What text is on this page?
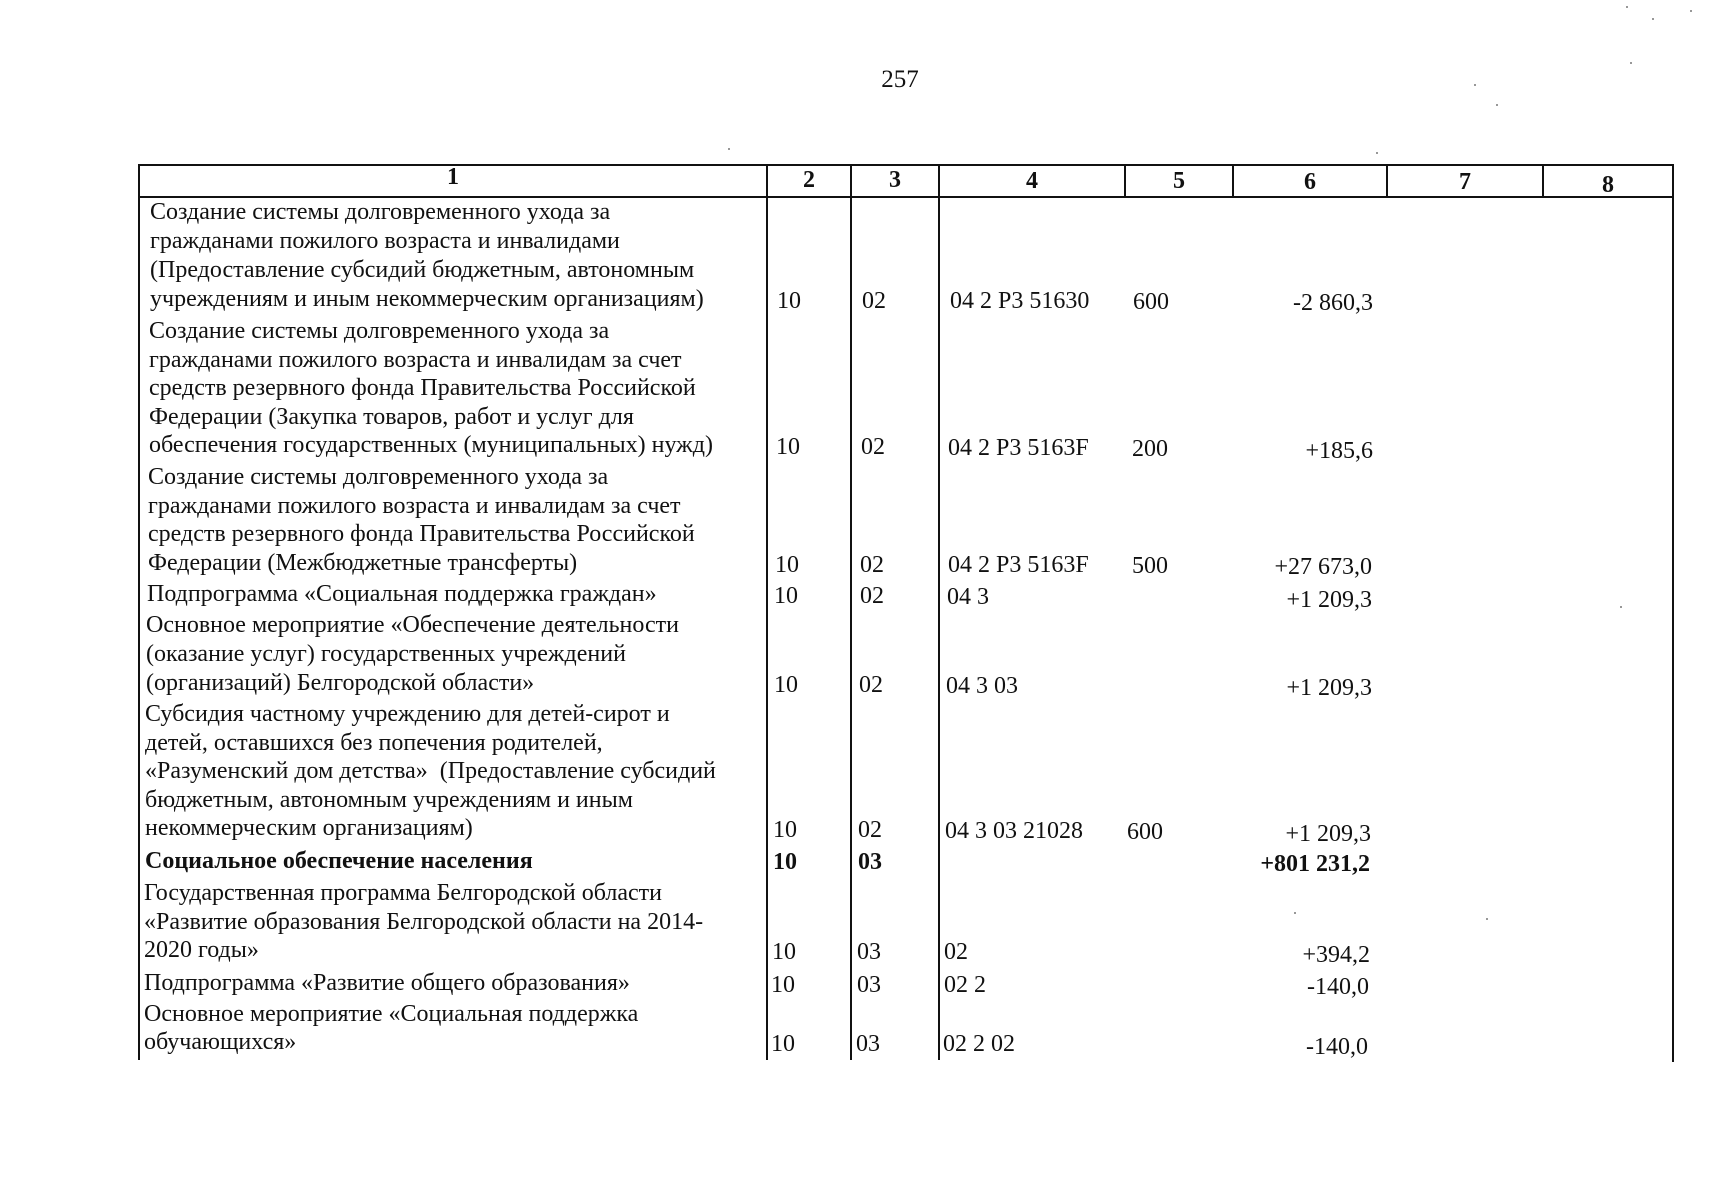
257
1	2	3	4	5	6	7	8
Создание системы долговременного ухода за
гражданами пожилого возраста и инвалидами
(Предоставление субсидий бюджетным, автономным
учреждениям и иным некоммерческим организациям)	10	02	04 2 Р3 51630 600	-2 860,3
Создание системы долговременного ухода за
гражданами пожилого возраста и инвалидам за счет
средств резервного фонда Правительства Российской
Федерации (Закупка товаров, работ и услуг для
обеспечения государственных (муниципальных) нужд)	10	02	04 2 Р3 5163F 200	+185,6
Создание системы долговременного ухода за
гражданами пожилого возраста и инвалидам за счет
средств резервного фонда Правительства Российской
Федерации (Межбюджетные трансферты)	10	02	04 2 Р3 5163F 500	+27 673,0
Подпрограмма «Социальная поддержка граждан»	10	02	04 3	+1 209,3
Основное мероприятие «Обеспечение деятельности
(оказание услуг) государственных учреждений
(организаций) Белгородской области»	10	02	04 3 03	+1 209,3
Субсидия частному учреждению для детей-сирот и
детей, оставшихся без попечения родителей,
«Разуменский дом детства»  (Предоставление субсидий
бюджетным, автономным учреждениям и иным
некоммерческим организациям)	10	02	04 3 03 21028 600	+1 209,3
Социальное обеспечение населения	10	03	+801 231,2
Государственная программа Белгородской области
«Развитие образования Белгородской области на 2014-
2020 годы»	10	03	02	+394,2
Подпрограмма «Развитие общего образования»	10	03	02 2	-140,0
Основное мероприятие «Социальная поддержка
обучающихся»	10	03	02 2 02	-140,0
